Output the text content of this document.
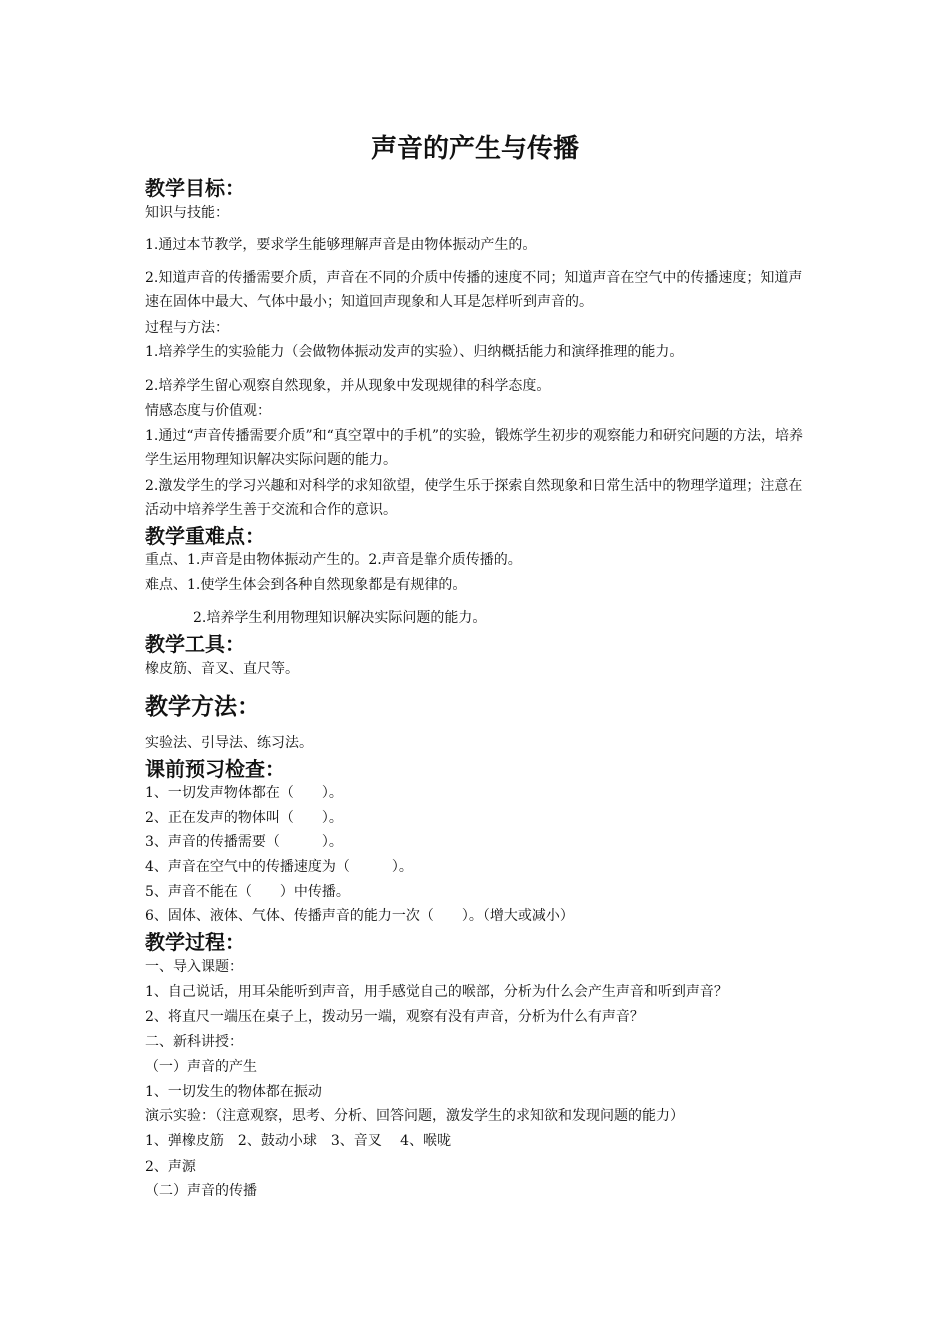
声音的产生与传播
教学目标：
知识与技能：
1.通过本节教学，要求学生能够理解声音是由物体振动产生的。
2.知道声音的传播需要介质，声音在不同的介质中传播的速度不同；知道声音在空气中的传播速度；知道声速在固体中最大、气体中最小；知道回声现象和人耳是怎样听到声音的。
过程与方法：
1.培养学生的实验能力（会做物体振动发声的实验）、归纳概括能力和演绎推理的能力。
2.培养学生留心观察自然现象，并从现象中发现规律的科学态度。
情感态度与价值观：
1.通过“声音传播需要介质”和“真空罩中的手机”的实验，锻炼学生初步的观察能力和研究问题的方法，培养学生运用物理知识解决实际问题的能力。
2.激发学生的学习兴趣和对科学的求知欲望，使学生乐于探索自然现象和日常生活中的物理学道理；注意在活动中培养学生善于交流和合作的意识。
教学重难点：
重点、1.声音是由物体振动产生的。2.声音是靠介质传播的。
难点、1.使学生体会到各种自然现象都是有规律的。
2.培养学生利用物理知识解决实际问题的能力。
教学工具：
橡皮筋、音叉、直尺等。
教学方法：
实验法、引导法、练习法。
课前预习检查：
1、一切发声物体都在（　　）。
2、正在发声的物体叫（　　）。
3、声音的传播需要（　　　）。
4、声音在空气中的传播速度为（　　　）。
5、声音不能在（　　）中传播。
6、固体、液体、气体、传播声音的能力一次（　　）。（增大或减小）
教学过程：
一、导入课题：
1、自己说话，用耳朵能听到声音，用手感觉自己的喉部，分析为什么会产生声音和听到声音？
2、将直尺一端压在桌子上，拨动另一端，观察有没有声音，分析为什么有声音？
二、新科讲授：
（一）声音的产生
1、一切发生的物体都在振动
演示实验：（注意观察，思考、分析、回答问题，激发学生的求知欲和发现问题的能力）
1、弹橡皮筋　2、鼓动小球　3、音叉　 4、喉咙
2、声源
（二）声音的传播
